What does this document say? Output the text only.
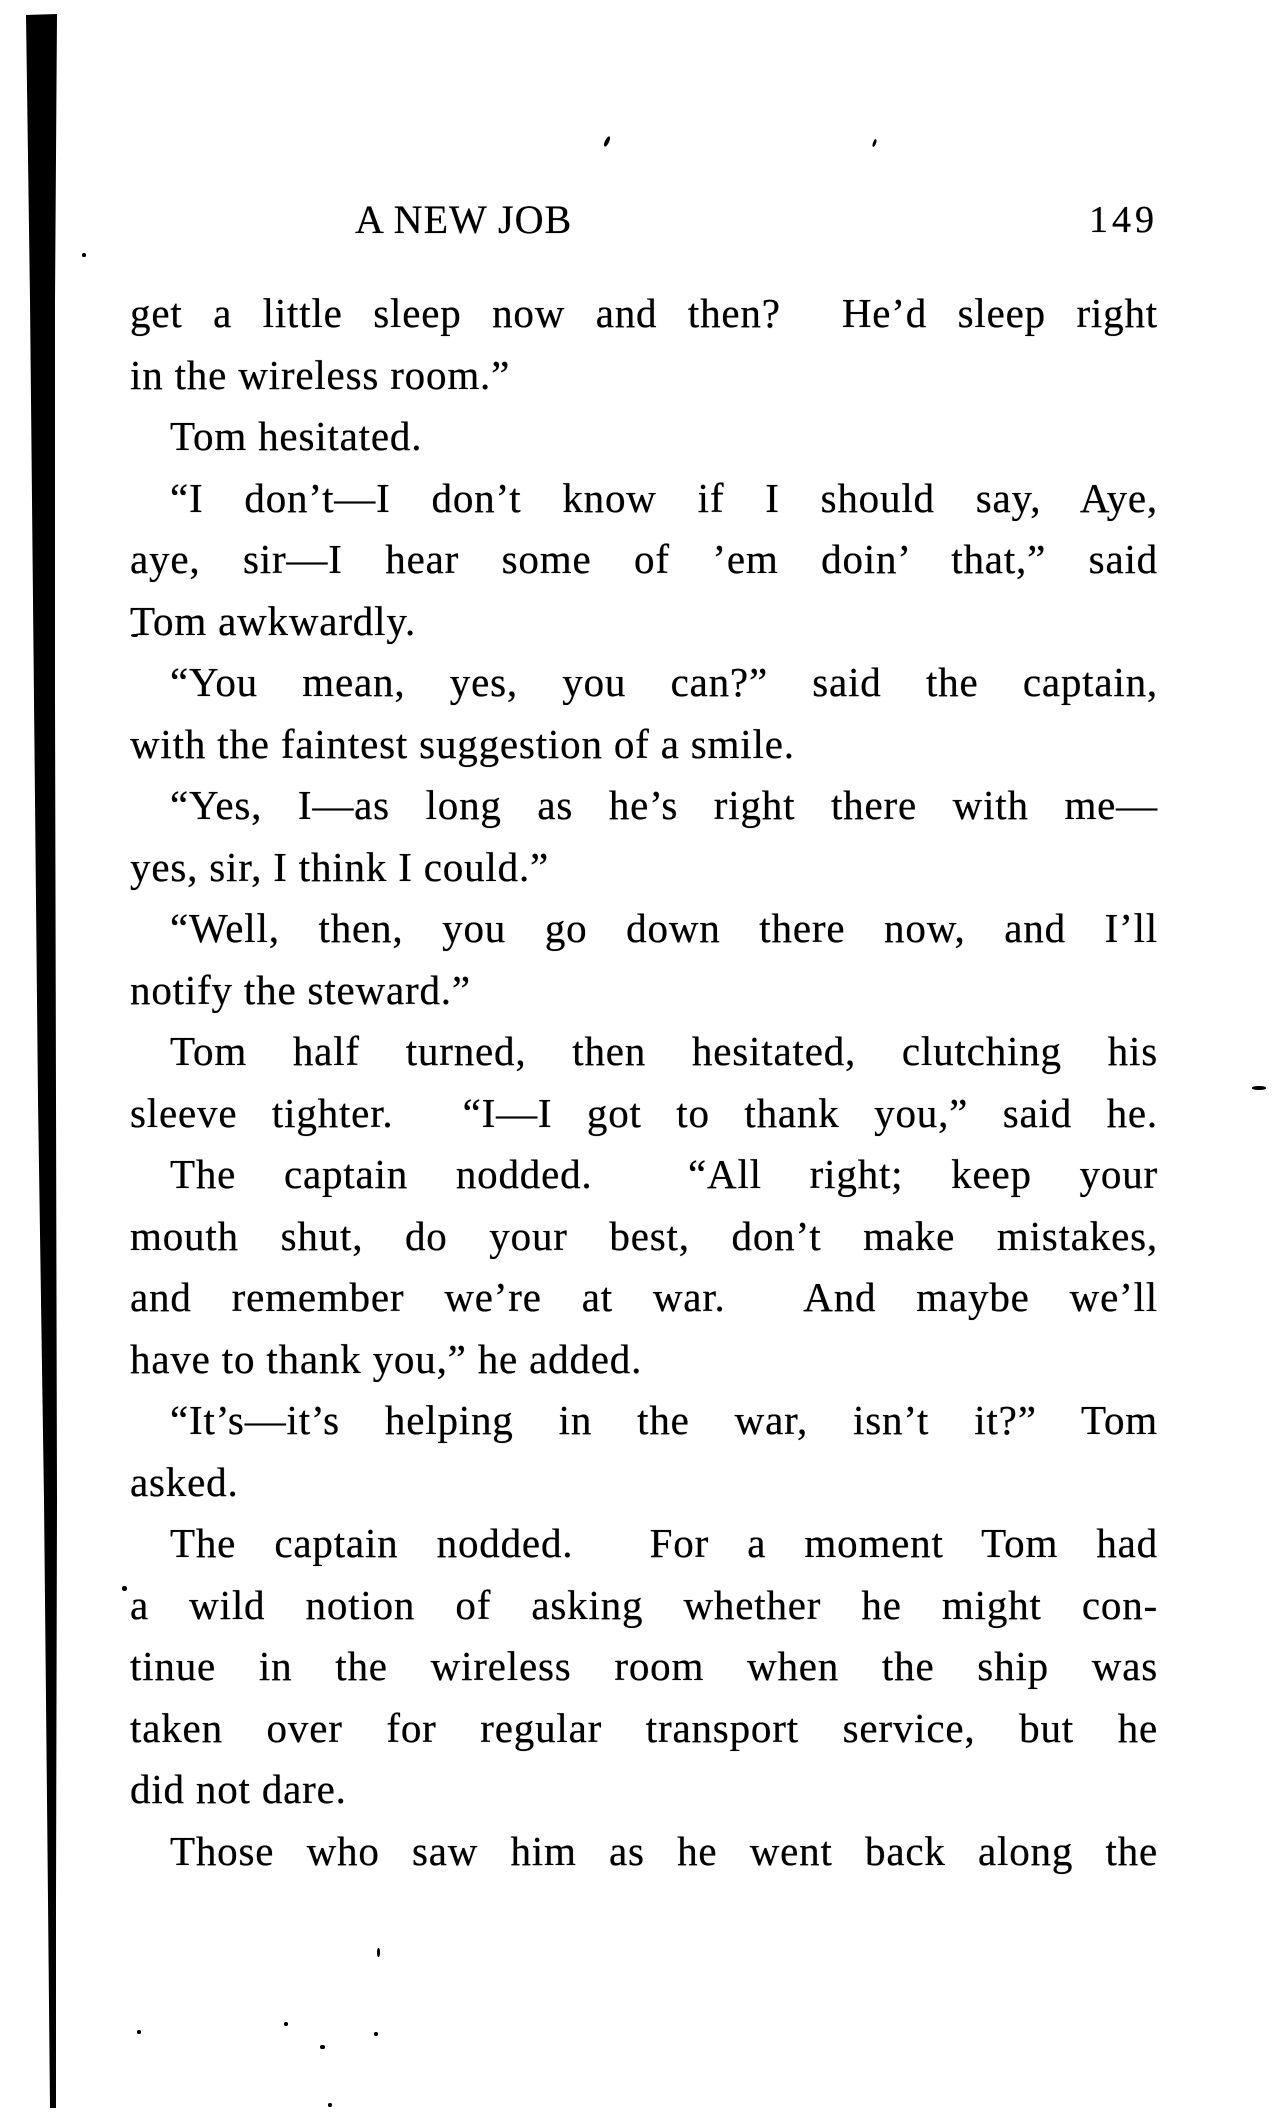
A NEW JOB	149
get a little sleep now and then?  He’d sleep right
in the wireless room.”
Tom hesitated.
“I don’t—I don’t know if I should say, Aye,
aye, sir—I hear some of ’em doin’ that,” said
Tom awkwardly.
“You mean, yes, you can?” said the captain,
with the faintest suggestion of a smile.
“Yes, I—as long as he’s right there with me—
yes, sir, I think I could.”
“Well, then, you go down there now, and I’ll
notify the steward.”
Tom half turned, then hesitated, clutching his
sleeve tighter.  “I—I got to thank you,” said he.
The captain nodded.  “All right; keep your
mouth shut, do your best, don’t make mistakes,
and remember we’re at war.  And maybe we’ll
have to thank you,” he added.
“It’s—it’s helping in the war, isn’t it?” Tom
asked.
The captain nodded.  For a moment Tom had
a wild notion of asking whether he might con-
tinue in the wireless room when the ship was
taken over for regular transport service, but he
did not dare.
Those who saw him as he went back along the
